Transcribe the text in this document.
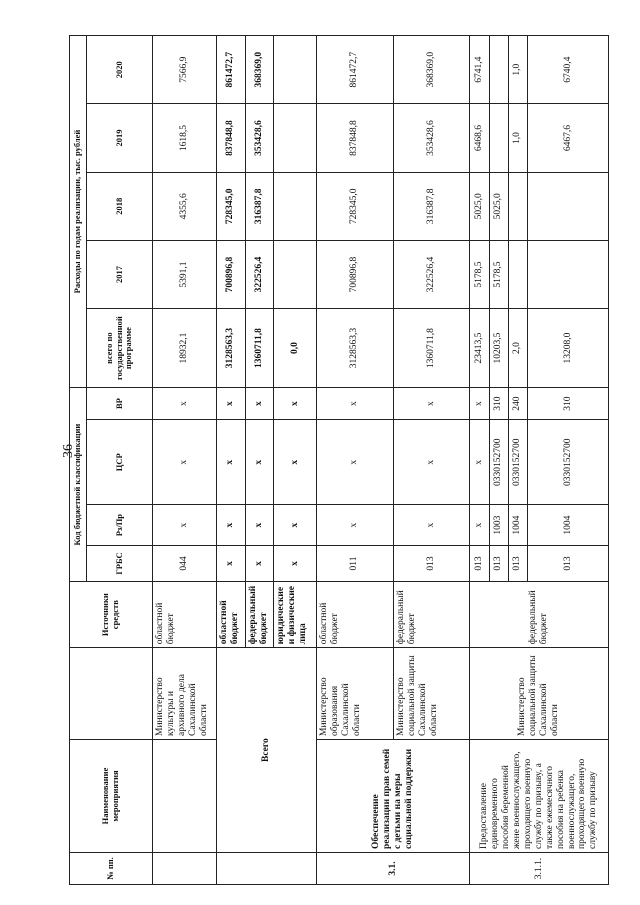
36
№ пп.	Наименование мероприятия		Источники средств	Код бюджетной классификации				Расходы по годам реализации, тыс. рублей				
				ГРБС	Рз/Пр	ЦСР	ВР	всего по государственной программе	2017	2018	2019	2020
		Министерство культуры и архивного дела Сахалинской области	областной бюджет	044	x	x	x	18932,1	5391,1	4355,6	1618,5	7566,9
	Всего		областной бюджет	x	x	x	x	3128563,3	700896,8	728345,0	837848,8	861472,7
			федеральный бюджет	x	x	x	x	1360711,8	322526,4	316387,8	353428,6	368369,0
			юридические и физические лица	x	x	x	x	0,0				
3.1.	Обеспечение реализации прав семей с детьми на меры социальной поддержки	Министерство образования Сахалинской области	областной бюджет	011	x	x	x	3128563,3	700896,8	728345,0	837848,8	861472,7
		Министерство социальной защиты Сахалинской области	федеральный бюджет	013	x	x	x	1360711,8	322526,4	316387,8	353428,6	368369,0
3.1.1.	Предоставление единовременного пособия беременной жене военнослужащего, проходящего военную службу по призыву, а также ежемесячного пособия на ребенка военнослужащего, проходящего военную службу по призыву	Министерство социальной защиты Сахалинской области	федеральный бюджет	013	x	x	x	23413,5	5178,5	5025,0	6468,6	6741,4
				013	1003	0330152700	310	10203,5	5178,5	5025,0		
				013	1004	0330152700	240	2,0			1,0	1,0
				013	1004	0330152700	310	13208,0			6467,6	6740,4
